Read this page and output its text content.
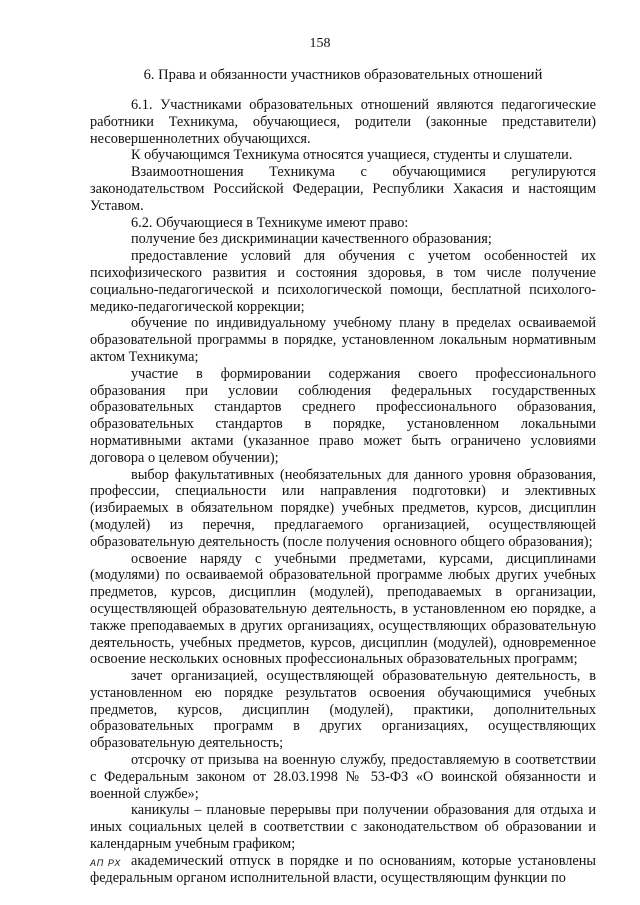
158
6. Права и обязанности участников образовательных отношений

6.1. Участниками образовательных отношений являются педагогические работники Техникума, обучающиеся, родители (законные представители) несовершеннолетних обучающихся.

К обучающимся Техникума относятся учащиеся, студенты и слушатели.

Взаимоотношения Техникума с обучающимися регулируются законодательством Российской Федерации, Республики Хакасия и настоящим Уставом.

6.2. Обучающиеся в Техникуме имеют право:

получение без дискриминации качественного образования;

предоставление условий для обучения с учетом особенностей их психофизического развития и состояния здоровья, в том числе получение социально-педагогической и психологической помощи, бесплатной психолого-медико-педагогической коррекции;

обучение по индивидуальному учебному плану в пределах осваиваемой образовательной программы в порядке, установленном локальным нормативным актом Техникума;

участие в формировании содержания своего профессионального образования при условии соблюдения федеральных государственных образовательных стандартов среднего профессионального образования, образовательных стандартов в порядке, установленном локальными нормативными актами (указанное право может быть ограничено условиями договора о целевом обучении);

выбор факультативных (необязательных для данного уровня образования, профессии, специальности или направления подготовки) и элективных (избираемых в обязательном порядке) учебных предметов, курсов, дисциплин (модулей) из перечня, предлагаемого организацией, осуществляющей образовательную деятельность (после получения основного общего образования);

освоение наряду с учебными предметами, курсами, дисциплинами (модулями) по осваиваемой образовательной программе любых других учебных предметов, курсов, дисциплин (модулей), преподаваемых в организации, осуществляющей образовательную деятельность, в установленном ею порядке, а также преподаваемых в других организациях, осуществляющих образовательную деятельность, учебных предметов, курсов, дисциплин (модулей), одновременное освоение нескольких основных профессиональных образовательных программ;

зачет организацией, осуществляющей образовательную деятельность, в установленном ею порядке результатов освоения обучающимися учебных предметов, курсов, дисциплин (модулей), практики, дополнительных образовательных программ в других организациях, осуществляющих образовательную деятельность;

отсрочку от призыва на военную службу, предоставляемую в соответствии с Федеральным законом от 28.03.1998 № 53-ФЗ «О воинской обязанности и военной службе»;

каникулы – плановые перерывы при получении образования для отдыха и иных социальных целей в соответствии с законодательством об образовании и календарным учебным графиком;

академический отпуск в порядке и по основаниям, которые установлены федеральным органом исполнительной власти, осуществляющим функции по

АП РХ
